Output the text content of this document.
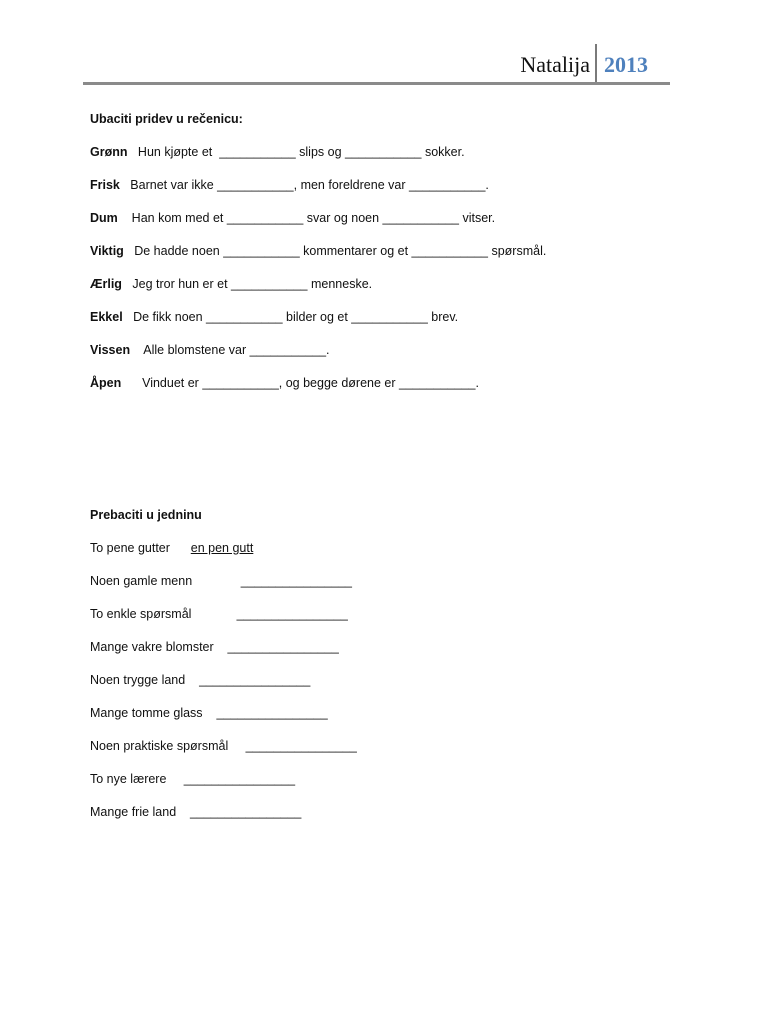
Natalija 2013
Ubaciti pridev u rečenicu:
Grønn   Hun kjøpte et  ___________ slips og ___________ sokker.
Frisk   Barnet var ikke ___________, men foreldrene var ___________.
Dum    Han kom med et ___________ svar og noen ___________ vitser.
Viktig   De hadde noen ___________ kommentarer og et ___________ spørsmål.
Ærlig   Jeg tror hun er et ___________ menneske.
Ekkel   De fikk noen ___________ bilder og et ___________ brev.
Vissen    Alle blomstene var ___________.
Åpen      Vinduet er ___________, og begge dørene er ___________.
Prebaciti u jedninu
To pene gutter      en pen gutt
Noen gamle menn              ________________
To enkle spørsmål             ________________
Mange vakre blomster    ________________
Noen trygge land    ________________
Mange tomme glass    ________________
Noen praktiske spørsmål     ________________
To nye lærere     ________________
Mange frie land    ________________
